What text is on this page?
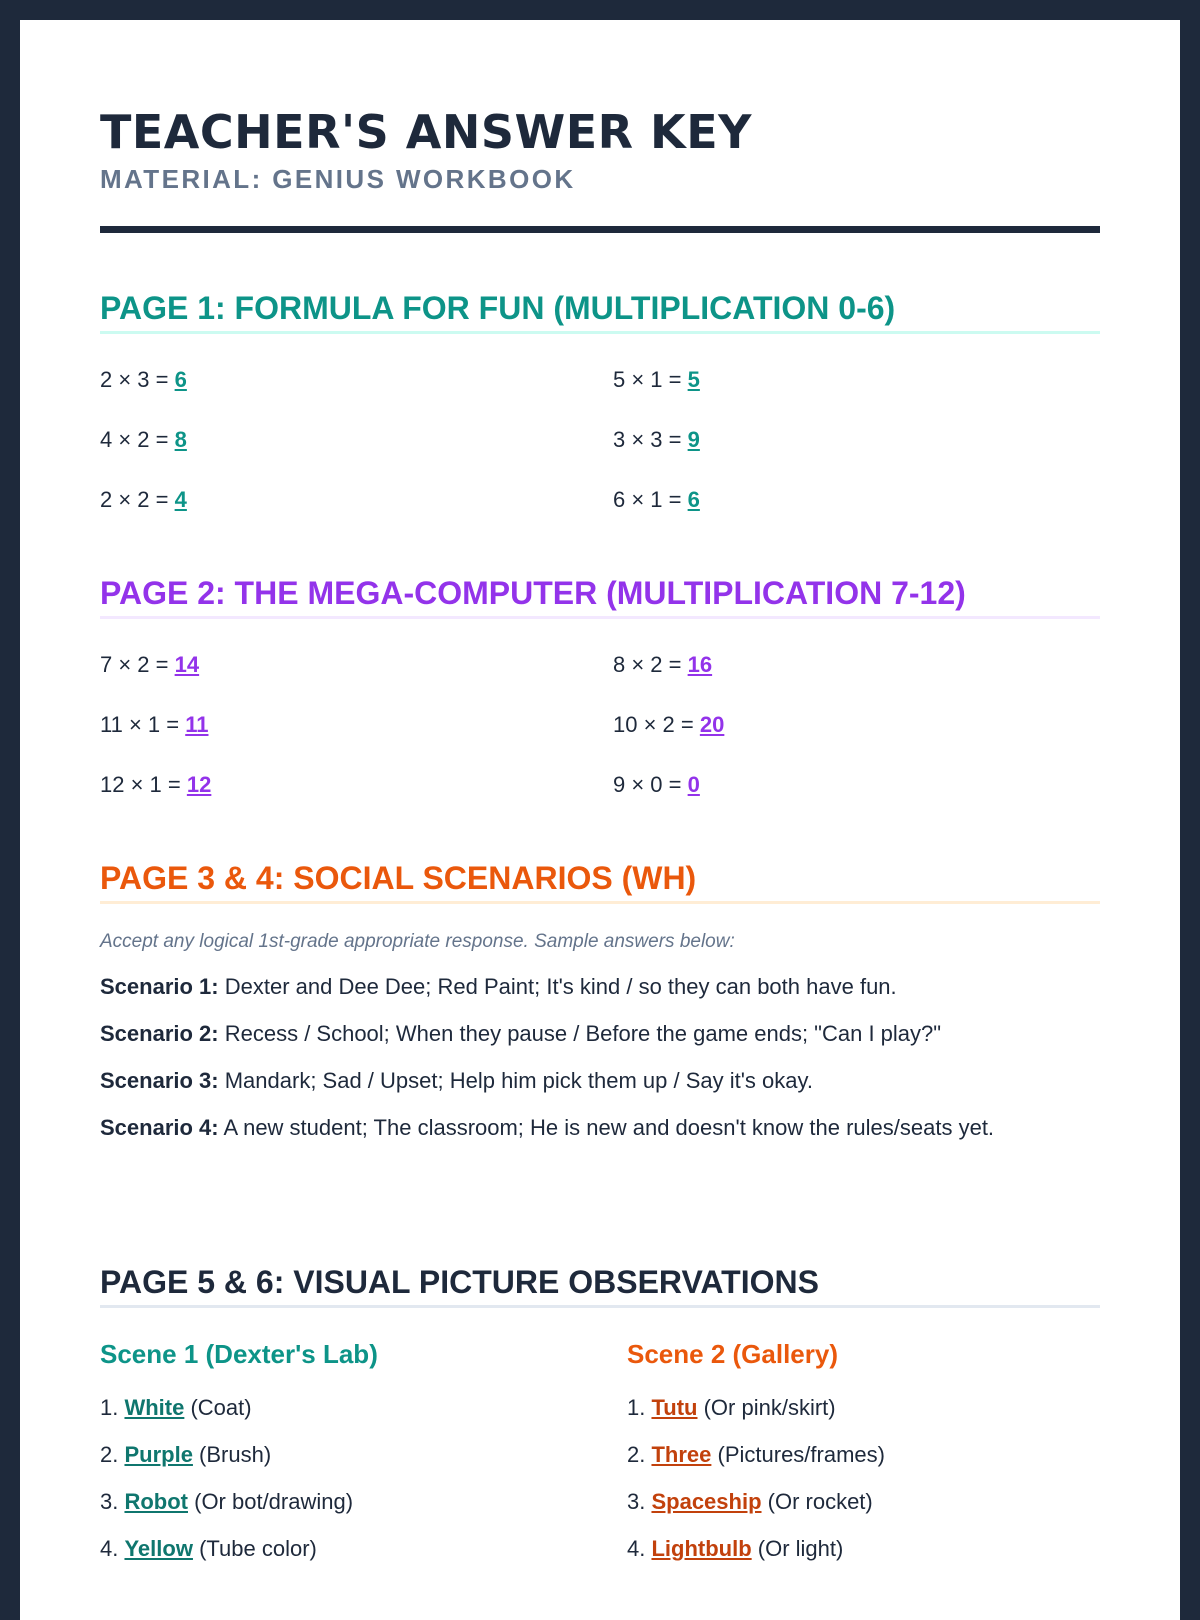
TEACHER'S ANSWER KEY
MATERIAL: GENIUS WORKBOOK
PAGE 1: FORMULA FOR FUN (MULTIPLICATION 0-6)
2 × 3 = 6	5 × 1 = 5
4 × 2 = 8	3 × 3 = 9
2 × 2 = 4	6 × 1 = 6
PAGE 2: THE MEGA-COMPUTER (MULTIPLICATION 7-12)
7 × 2 = 14	8 × 2 = 16
11 × 1 = 11	10 × 2 = 20
12 × 1 = 12	9 × 0 = 0
PAGE 3 & 4: SOCIAL SCENARIOS (WH)
Accept any logical 1st-grade appropriate response. Sample answers below:
Scenario 1: Dexter and Dee Dee; Red Paint; It's kind / so they can both have fun.
Scenario 2: Recess / School; When they pause / Before the game ends; "Can I play?"
Scenario 3: Mandark; Sad / Upset; Help him pick them up / Say it's okay.
Scenario 4: A new student; The classroom; He is new and doesn't know the rules/seats yet.
PAGE 5 & 6: VISUAL PICTURE OBSERVATIONS
Scene 1 (Dexter's Lab)
1. White (Coat)
2. Purple (Brush)
3. Robot (Or bot/drawing)
4. Yellow (Tube color)
Scene 2 (Gallery)
1. Tutu (Or pink/skirt)
2. Three (Pictures/frames)
3. Spaceship (Or rocket)
4. Lightbulb (Or light)
